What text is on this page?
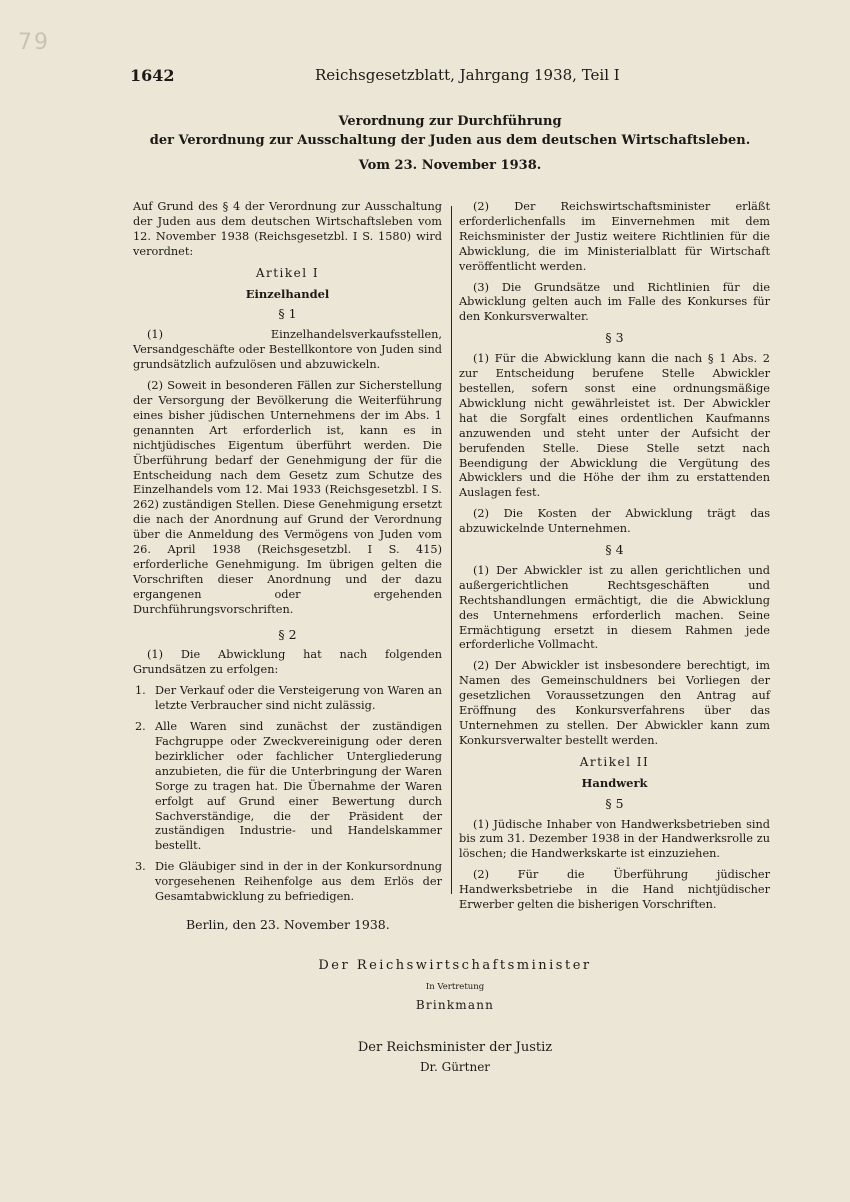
79
1642	Reichsgesetzblatt, Jahrgang 1938, Teil I

Verordnung zur Durchführung

der Verordnung zur Ausschaltung der Juden aus dem deutschen Wirtschaftsleben.

Vom 23. November 1938.

Auf Grund des § 4 der Verordnung zur Ausschaltung der Juden aus dem deutschen Wirtschaftsleben vom 12. November 1938 (Reichsgesetzbl. I S. 1580) wird verordnet:

Artikel I

Einzelhandel

§ 1

(1) Einzelhandelsverkaufsstellen, Versandgeschäfte oder Bestellkontore von Juden sind grundsätzlich aufzulösen und abzuwickeln.

(2) Soweit in besonderen Fällen zur Sicherstellung der Versorgung der Bevölkerung die Weiterführung eines bisher jüdischen Unternehmens der im Abs. 1 genannten Art erforderlich ist, kann es in nichtjüdisches Eigentum überführt werden. Die Überführung bedarf der Genehmigung der für die Entscheidung nach dem Gesetz zum Schutze des Einzelhandels vom 12. Mai 1933 (Reichsgesetzbl. I S. 262) zuständigen Stellen. Diese Genehmigung ersetzt die nach der Anordnung auf Grund der Verordnung über die Anmeldung des Vermögens von Juden vom 26. April 1938 (Reichsgesetzbl. I S. 415) erforderliche Genehmigung. Im übrigen gelten die Vorschriften dieser Anordnung und der dazu ergangenen oder ergehenden Durchführungsvorschriften.

§ 2

(1) Die Abwicklung hat nach folgenden Grundsätzen zu erfolgen:

1. Der Verkauf oder die Versteigerung von Waren an letzte Verbraucher sind nicht zulässig.
2. Alle Waren sind zunächst der zuständigen Fachgruppe oder Zweckvereinigung oder deren bezirklicher oder fachlicher Untergliederung anzubieten, die für die Unterbringung der Waren Sorge zu tragen hat. Die Übernahme der Waren erfolgt auf Grund einer Bewertung durch Sachverständige, die der Präsident der zuständigen Industrie- und Handelskammer bestellt.
3. Die Gläubiger sind in der in der Konkursordnung vorgesehenen Reihenfolge aus dem Erlös der Gesamtabwicklung zu befriedigen.

(2) Der Reichswirtschaftsminister erläßt erforderlichenfalls im Einvernehmen mit dem Reichsminister der Justiz weitere Richtlinien für die Abwicklung, die im Ministerialblatt für Wirtschaft veröffentlicht werden.

(3) Die Grundsätze und Richtlinien für die Abwicklung gelten auch im Falle des Konkurses für den Konkursverwalter.

§ 3

(1) Für die Abwicklung kann die nach § 1 Abs. 2 zur Entscheidung berufene Stelle Abwickler bestellen, sofern sonst eine ordnungsmäßige Abwicklung nicht gewährleistet ist. Der Abwickler hat die Sorgfalt eines ordentlichen Kaufmanns anzuwenden und steht unter der Aufsicht der berufenden Stelle. Diese Stelle setzt nach Beendigung der Abwicklung die Vergütung des Abwicklers und die Höhe der ihm zu erstattenden Auslagen fest.

(2) Die Kosten der Abwicklung trägt das abzuwickelnde Unternehmen.

§ 4

(1) Der Abwickler ist zu allen gerichtlichen und außergerichtlichen Rechtsgeschäften und Rechtshandlungen ermächtigt, die die Abwicklung des Unternehmens erforderlich machen. Seine Ermächtigung ersetzt in diesem Rahmen jede erforderliche Vollmacht.

(2) Der Abwickler ist insbesondere berechtigt, im Namen des Gemeinschuldners bei Vorliegen der gesetzlichen Voraussetzungen den Antrag auf Eröffnung des Konkursverfahrens über das Unternehmen zu stellen. Der Abwickler kann zum Konkursverwalter bestellt werden.

Artikel II

Handwerk

§ 5

(1) Jüdische Inhaber von Handwerksbetrieben sind bis zum 31. Dezember 1938 in der Handwerksrolle zu löschen; die Handwerkskarte ist einzuziehen.

(2) Für die Überführung jüdischer Handwerksbetriebe in die Hand nichtjüdischer Erwerber gelten die bisherigen Vorschriften.

Berlin, den 23. November 1938.
Der Reichswirtschaftsminister
In Vertretung
Brinkmann
Der Reichsminister der Justiz
Dr. Gürtner
